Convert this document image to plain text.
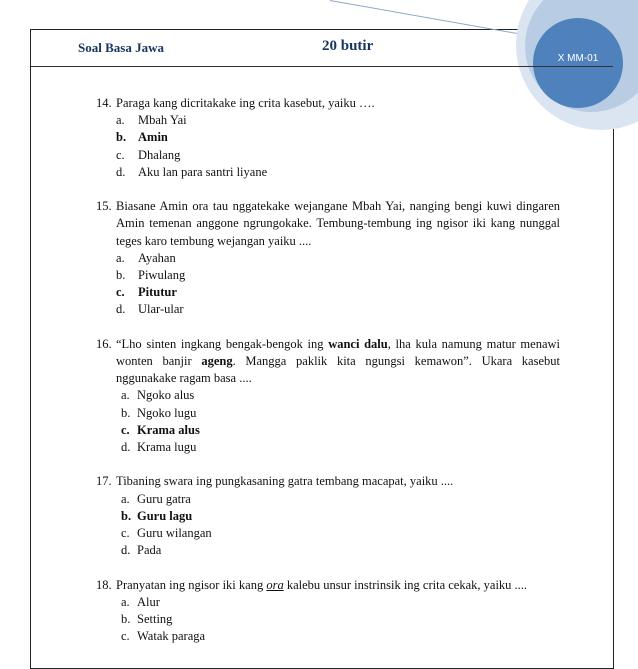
X MM-01
Soal Basa Jawa	20 butir
14. Paraga kang dicritakake ing crita kasebut, yaiku ….
a.	Mbah Yai
b. Amin
c.	Dhalang
d.	Aku lan para santri liyane
15. Biasane Amin ora tau nggatekake wejangane Mbah Yai, nanging bengi kuwi dingaren Amin temenan anggone ngrungokake. Tembung-tembung ing ngisor iki kang nunggal teges karo tembung wejangan yaiku ....
a.	Ayahan
b.	Piwulang
c.	Pitutur
d.	Ular-ular
16. “Lho sinten ingkang bengak-bengok ing wanci dalu, lha kula namung matur menawi wonten banjir ageng. Mangga paklik kita ngungsi kemawon”. Ukara kasebut nggunakake ragam basa ....
a. Ngoko alus
b. Ngoko lugu
c. Krama alus
d. Krama lugu
17. Tibaning swara ing pungkasaning gatra tembang macapat, yaiku ....
a. Guru gatra
b. Guru lagu
c. Guru wilangan
d. Pada
18. Pranyatan ing ngisor iki kang ora kalebu unsur instrinsik ing crita cekak, yaiku ....
a. Alur
b. Setting
c. Watak paraga
